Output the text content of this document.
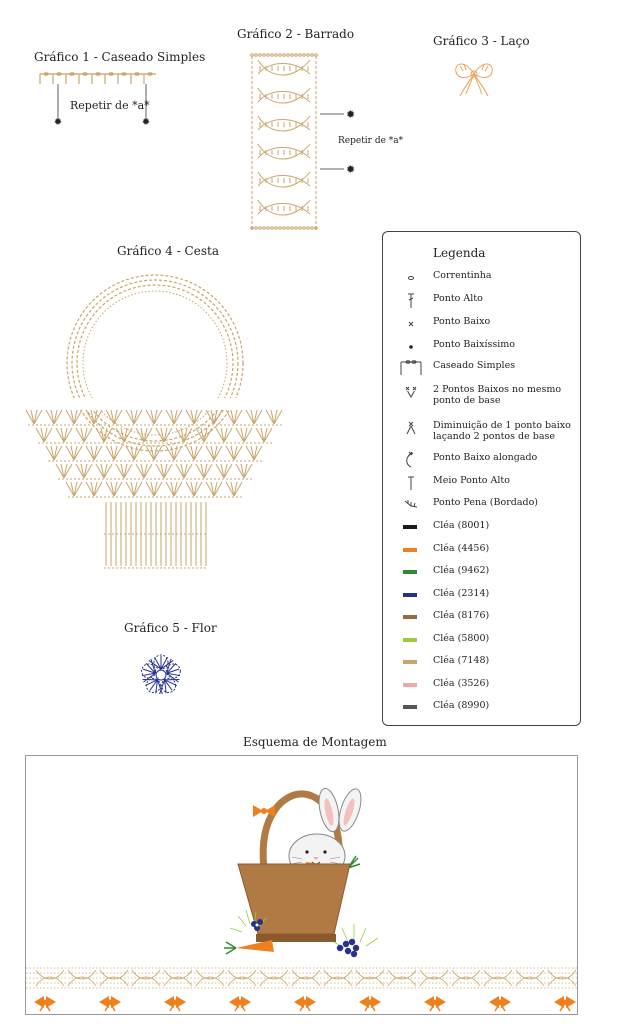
Gráfico 1 - Caseado Simples
✹
✹
Repetir de *a*
Gráfico 2 - Barrado
✹
✹
Repetir de *a*
Gráfico 3 - Laço
Gráfico 4 - Cesta
Gráfico 5 - Flor
Legenda
Correntinha
Ponto Alto
Ponto Baixo
Ponto Baixíssimo
Caseado Simples
2 Pontos Baixos no mesmo ponto de base
Diminuição de 1 ponto baixo laçando 2 pontos de base
Ponto Baixo alongado
Meio Ponto Alto
Ponto Pena (Bordado)
Cléa (8001)
Cléa (4456)
Cléa (9462)
Cléa (2314)
Cléa (8176)
Cléa (5800)
Cléa (7148)
Cléa (3526)
Cléa (8990)
Esquema de Montagem
